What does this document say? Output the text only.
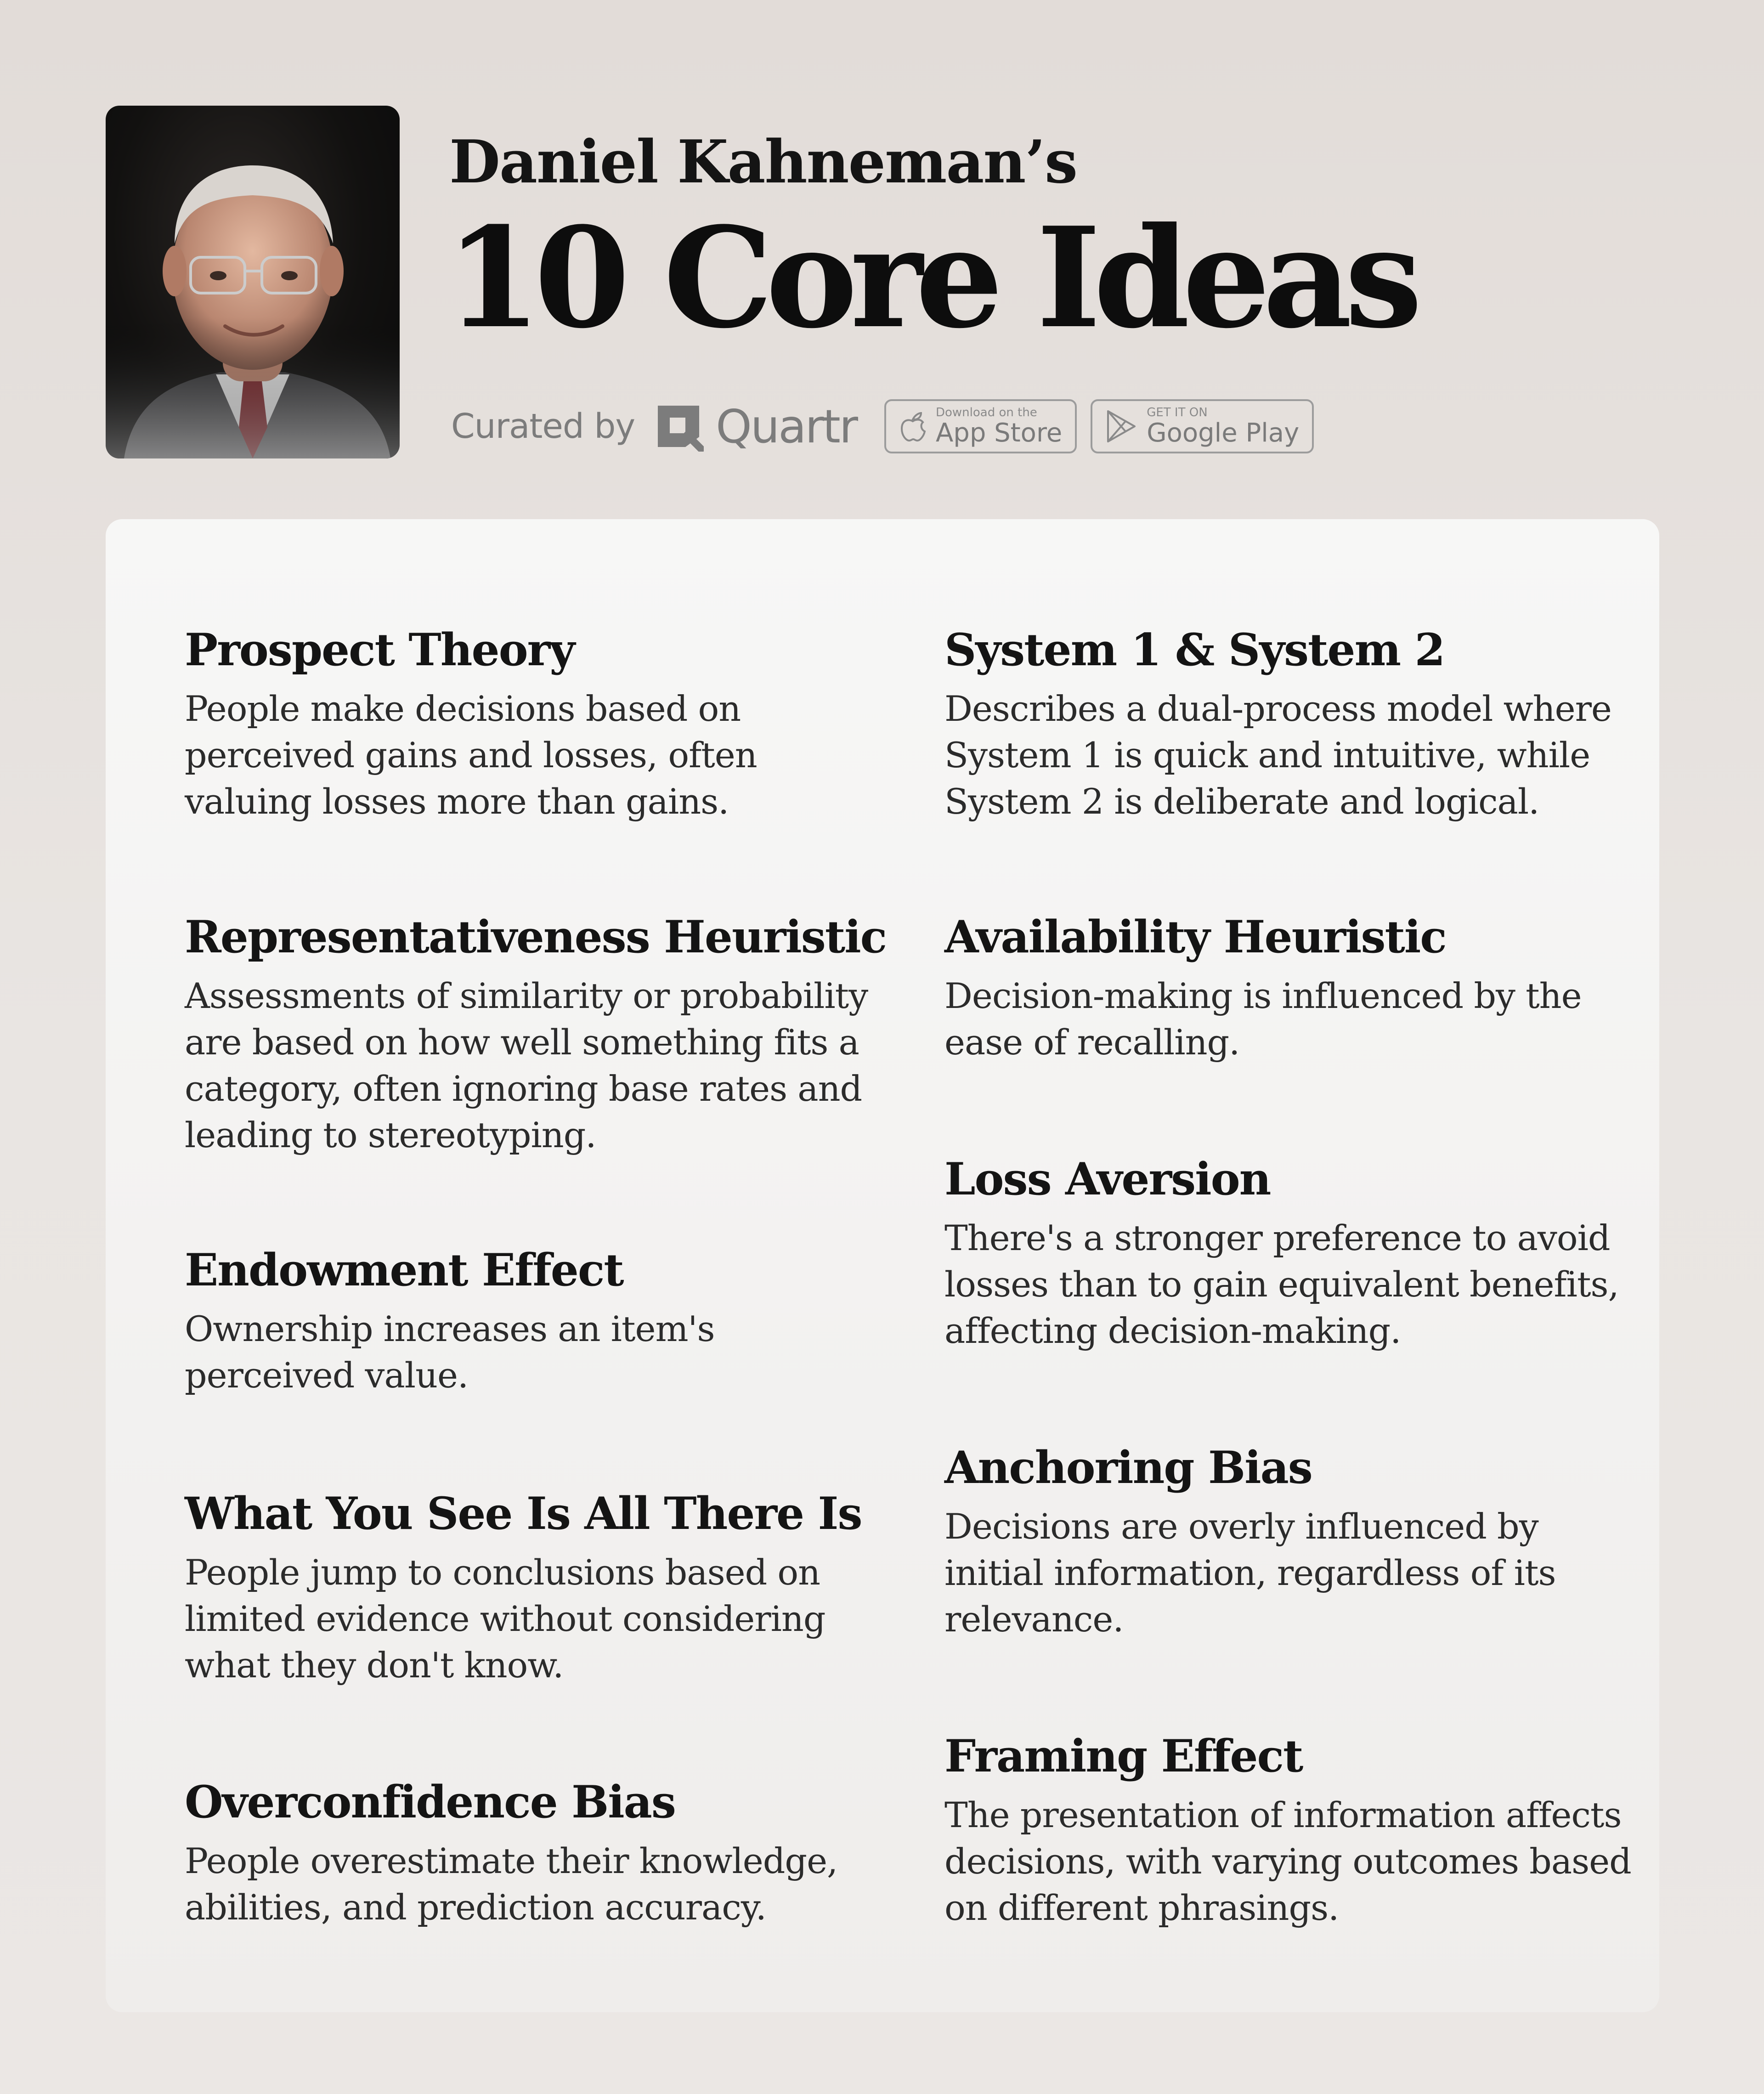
Daniel Kahneman’s
10 Core Ideas
Curated by Quartr	Download on the
App Store
GET IT ON
Google Play
Prospect Theory

People make decisions based on perceived gains and losses, often valuing losses more than gains.

Representativeness Heuristic

Assessments of similarity or probability are based on how well something fits a category, often ignoring base rates and leading to stereotyping.

Endowment Effect

Ownership increases an item's perceived value.

What You See Is All There Is

People jump to conclusions based on limited evidence without considering what they don't know.

Overconfidence Bias

People overestimate their knowledge, abilities, and prediction accuracy.

System 1 & System 2

Describes a dual-process model where System 1 is quick and intuitive, while System 2 is deliberate and logical.

Availability Heuristic

Decision-making is influenced by the ease of recalling.

Loss Aversion

There's a stronger preference to avoid losses than to gain equivalent benefits, affecting decision-making.

Anchoring Bias

Decisions are overly influenced by initial information, regardless of its relevance.

Framing Effect

The presentation of information affects decisions, with varying outcomes based on different phrasings.
